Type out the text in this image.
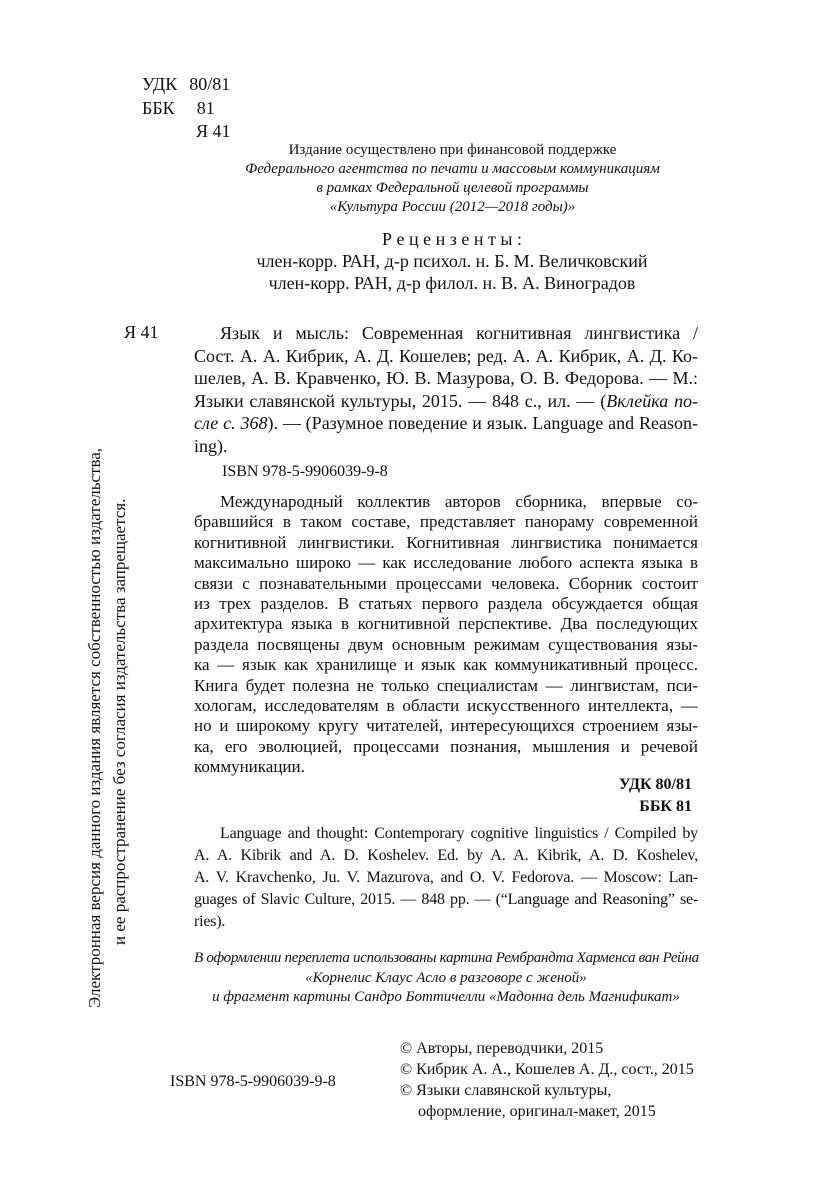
УДК 80/81
ББК 81
Я 41
Издание осуществлено при финансовой поддержке
Федерального агентства по печати и массовым коммуникациям
в рамках Федеральной целевой программы
«Культура России (2012—2018 годы)»
Р е ц е н з е н т ы :
член-корр. РАН, д-р психол. н. Б. М. Величковский
член-корр. РАН, д-р филол. н. В. А. Виноградов
Я 41	Язык и мысль: Современная когнитивная лингвистика /
Сост. А. А. Кибрик, А. Д. Кошелев; ред. А. А. Кибрик, А. Д. Ко-
шелев, А. В. Кравченко, Ю. В. Мазурова, О. В. Федорова. — М.:
Языки славянской культуры, 2015. — 848 с., ил. — (Вклейка по-
сле с. 368). — (Разумное поведение и язык. Language and Reason-
ing).
ISBN 978-5-9906039-9-8
Международный коллектив авторов сборника, впервые со-
бравшийся в таком составе, представляет панораму современной
когнитивной лингвистики. Когнитивная лингвистика понимается
максимально широко — как исследование любого аспекта языка в
связи с познавательными процессами человека. Сборник состоит
из трех разделов. В статьях первого раздела обсуждается общая
архитектура языка в когнитивной перспективе. Два последующих
раздела посвящены двум основным режимам существования язы-
ка — язык как хранилище и язык как коммуникативный процесс.
Книга будет полезна не только специалистам — лингвистам, пси-
хологам, исследователям в области искусственного интеллекта, —
но и широкому кругу читателей, интересующихся строением язы-
ка, его эволюцией, процессами познания, мышления и речевой
коммуникации.
УДК 80/81
ББК 81
Language and thought: Contemporary cognitive linguistics / Compiled by
A. A. Kibrik and A. D. Koshelev. Ed. by A. A. Kibrik, A. D. Koshelev,
A. V. Kravchenko, Ju. V. Mazurova, and O. V. Fedorova. — Moscow: Lan-
guages of Slavic Culture, 2015. — 848 pp. — (“Language and Reasoning” se-
ries).
В оформлении переплета использованы картина Рембрандта Харменса ван Рейна
«Корнелис Клаус Асло в разговоре с женой»
и фрагмент картины Сандро Боттичелли «Мадонна дель Магнификат»
ISBN 978-5-9906039-9-8
© Авторы, переводчики, 2015
© Кибрик А. А., Кошелев А. Д., сост., 2015
© Языки славянской культуры,
оформление, оригинал-макет, 2015
Электронная версия данного издания является собственностью издательства, и ее распространение без согласия издательства запрещается.
